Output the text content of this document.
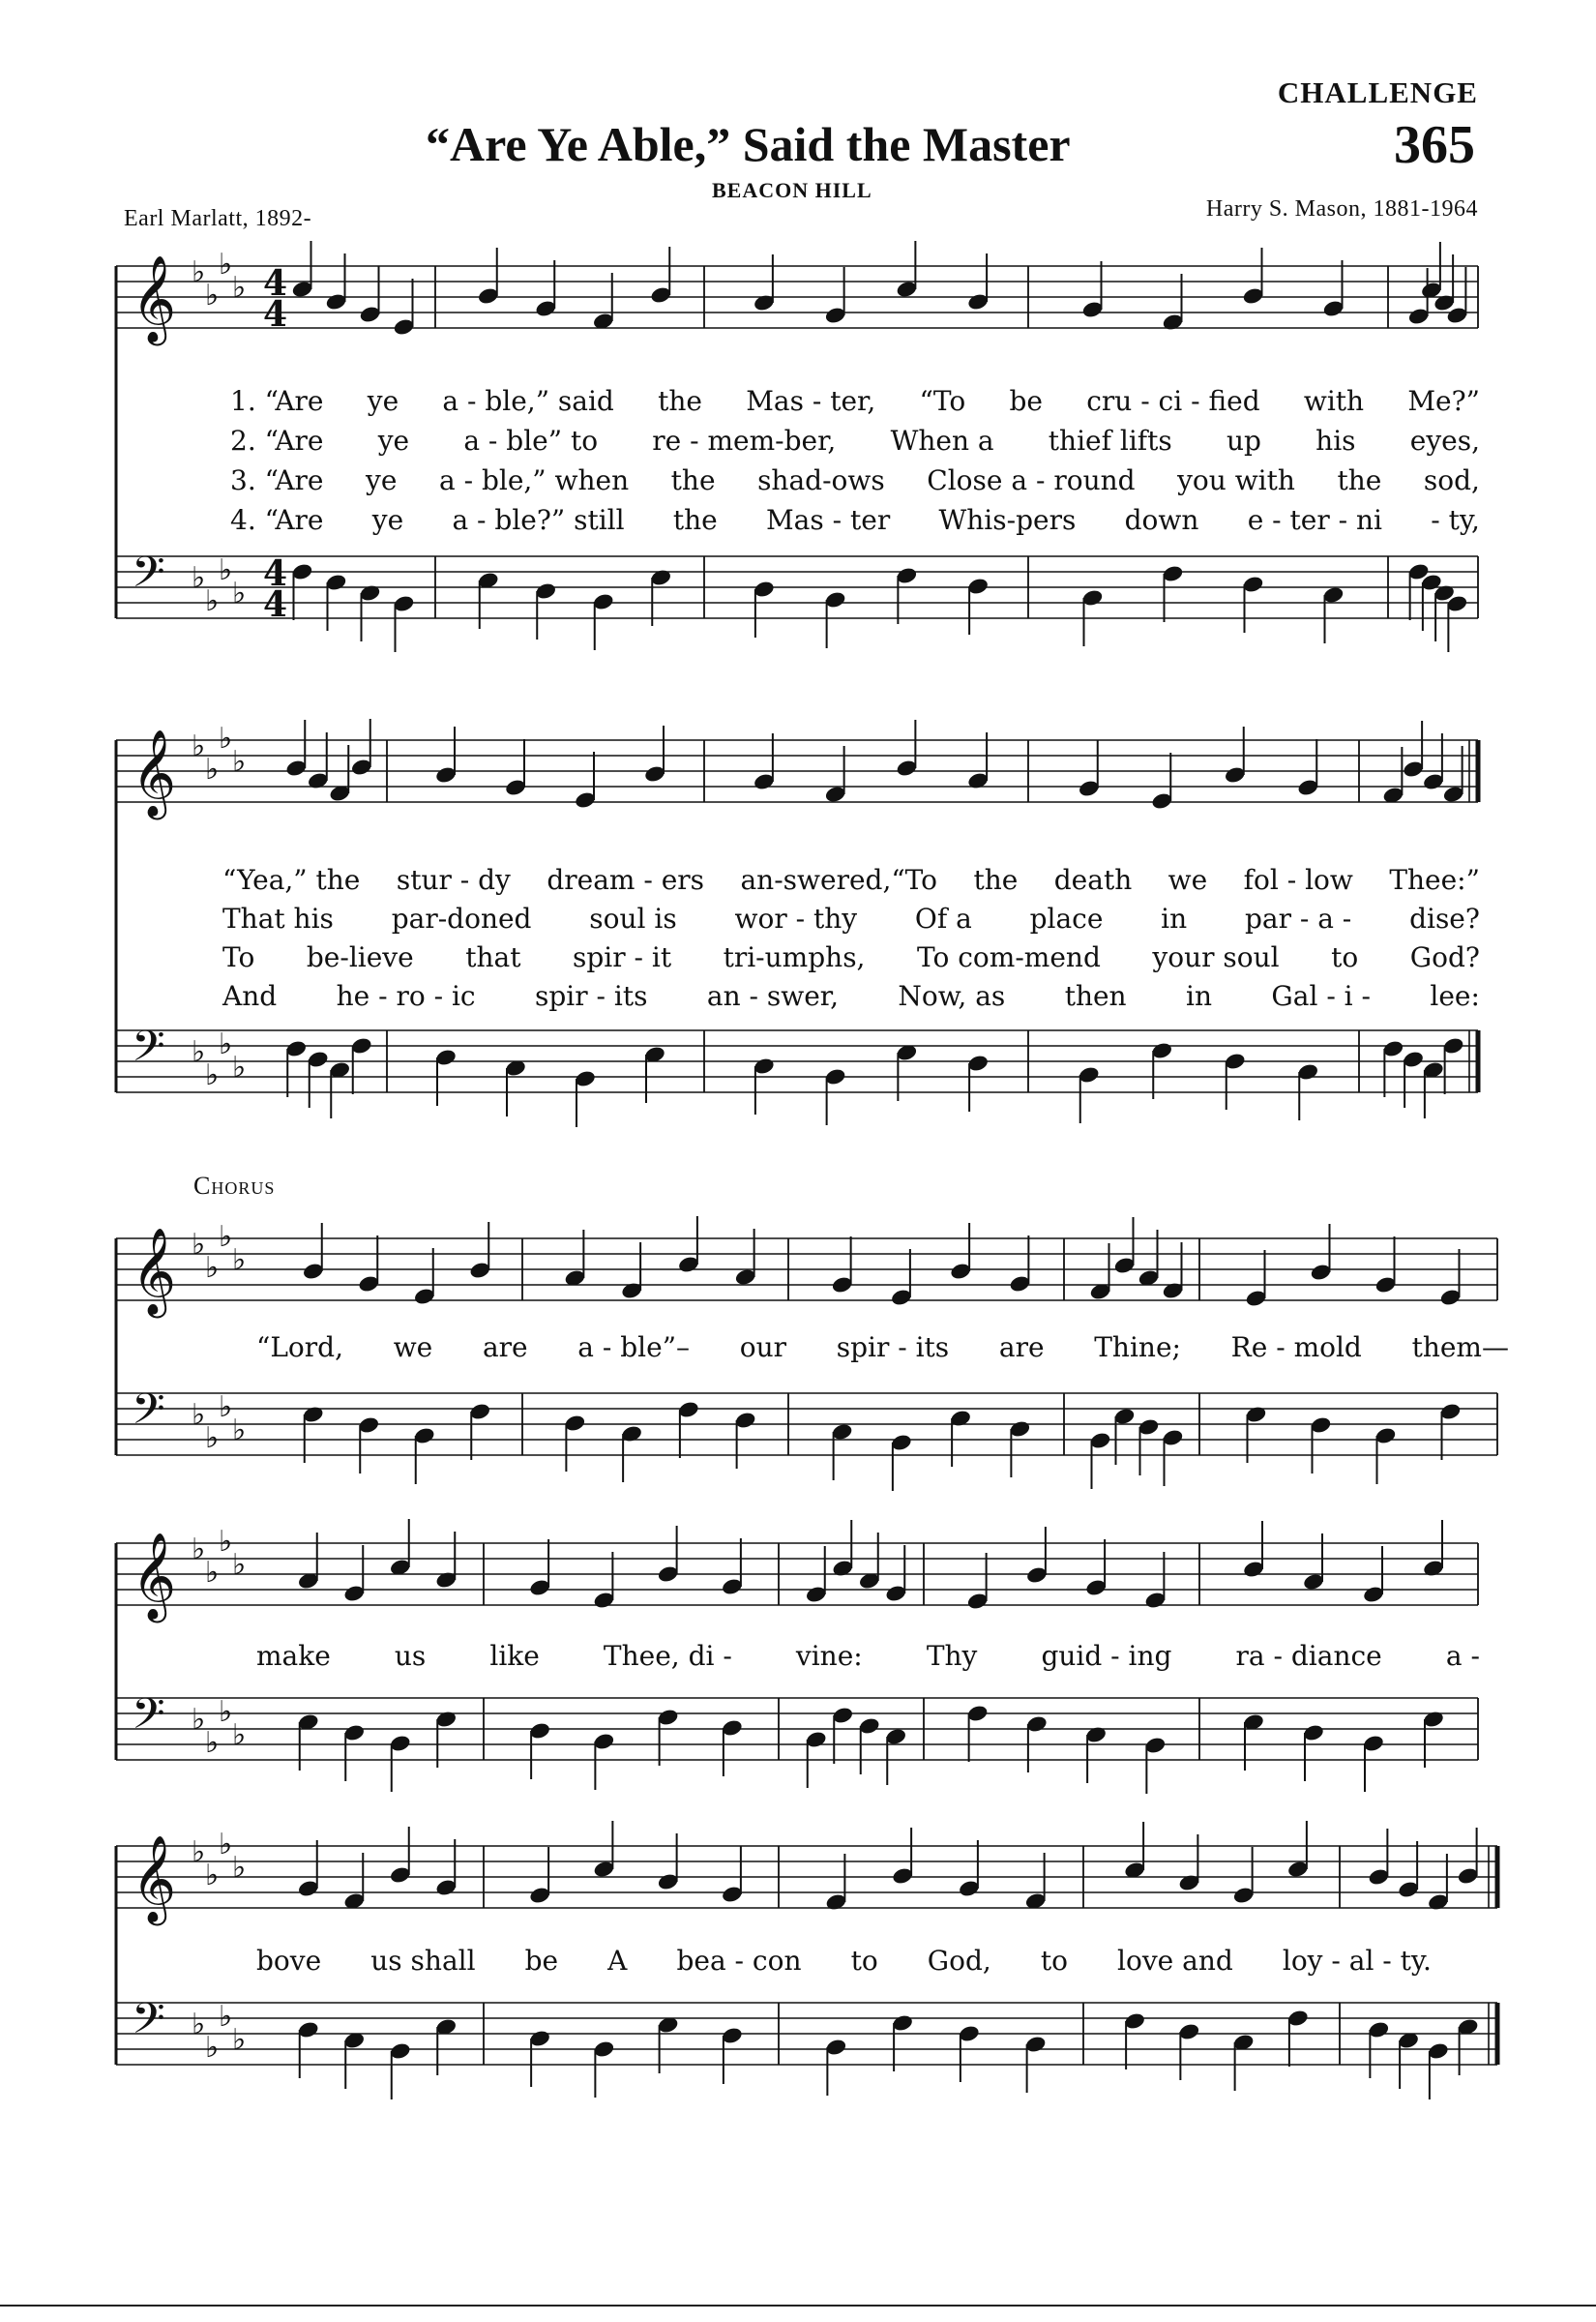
CHALLENGE
365
“Are Ye Able,” Said the Master
BEACON HILL
Earl Marlatt, 1892-	Harry S. Mason, 1881-1964
𝄞 ♭
♭
♭
♭
𝄢 ♭
♭
♭
♭
𝄞 ♭
♭
♭
♭
𝄢 ♭
♭
♭
♭
𝄞 ♭
♭
♭
♭
𝄢 ♭
♭
♭
♭
𝄞 ♭
♭
♭
♭
𝄢 ♭
♭
♭
♭
𝄞 ♭
♭
♭
♭
𝄢 ♭
♭
♭
♭
4
4
4
4
1. “Are ye a - ble,” said the Mas - ter, “To be cru - ci - fied with Me?”
2. “Are ye a - ble” to re - mem-ber, When a thief lifts up his eyes,
3. “Are ye a - ble,” when the shad-ows Close a - round you with the sod,
4. “Are ye a - ble?” still the Mas - ter Whis-pers down e - ter - ni - ty,
“Yea,” the stur - dy dream - ers an-swered,“To the death we fol - low Thee:”
That his par-doned soul is wor - thy Of a place in par - a - dise?
To be-lieve that spir - it tri-umphs, To com-mend your soul to God?
And he - ro - ic spir - its an - swer, Now, as then in Gal - i - lee:
Chorus
“Lord, we are a - ble”– our spir - its are Thine; Re - mold them—
make us like Thee, di - vine: Thy guid - ing ra - diance a -
bove us shall be A bea - con to God, to love and loy - al - ty.
